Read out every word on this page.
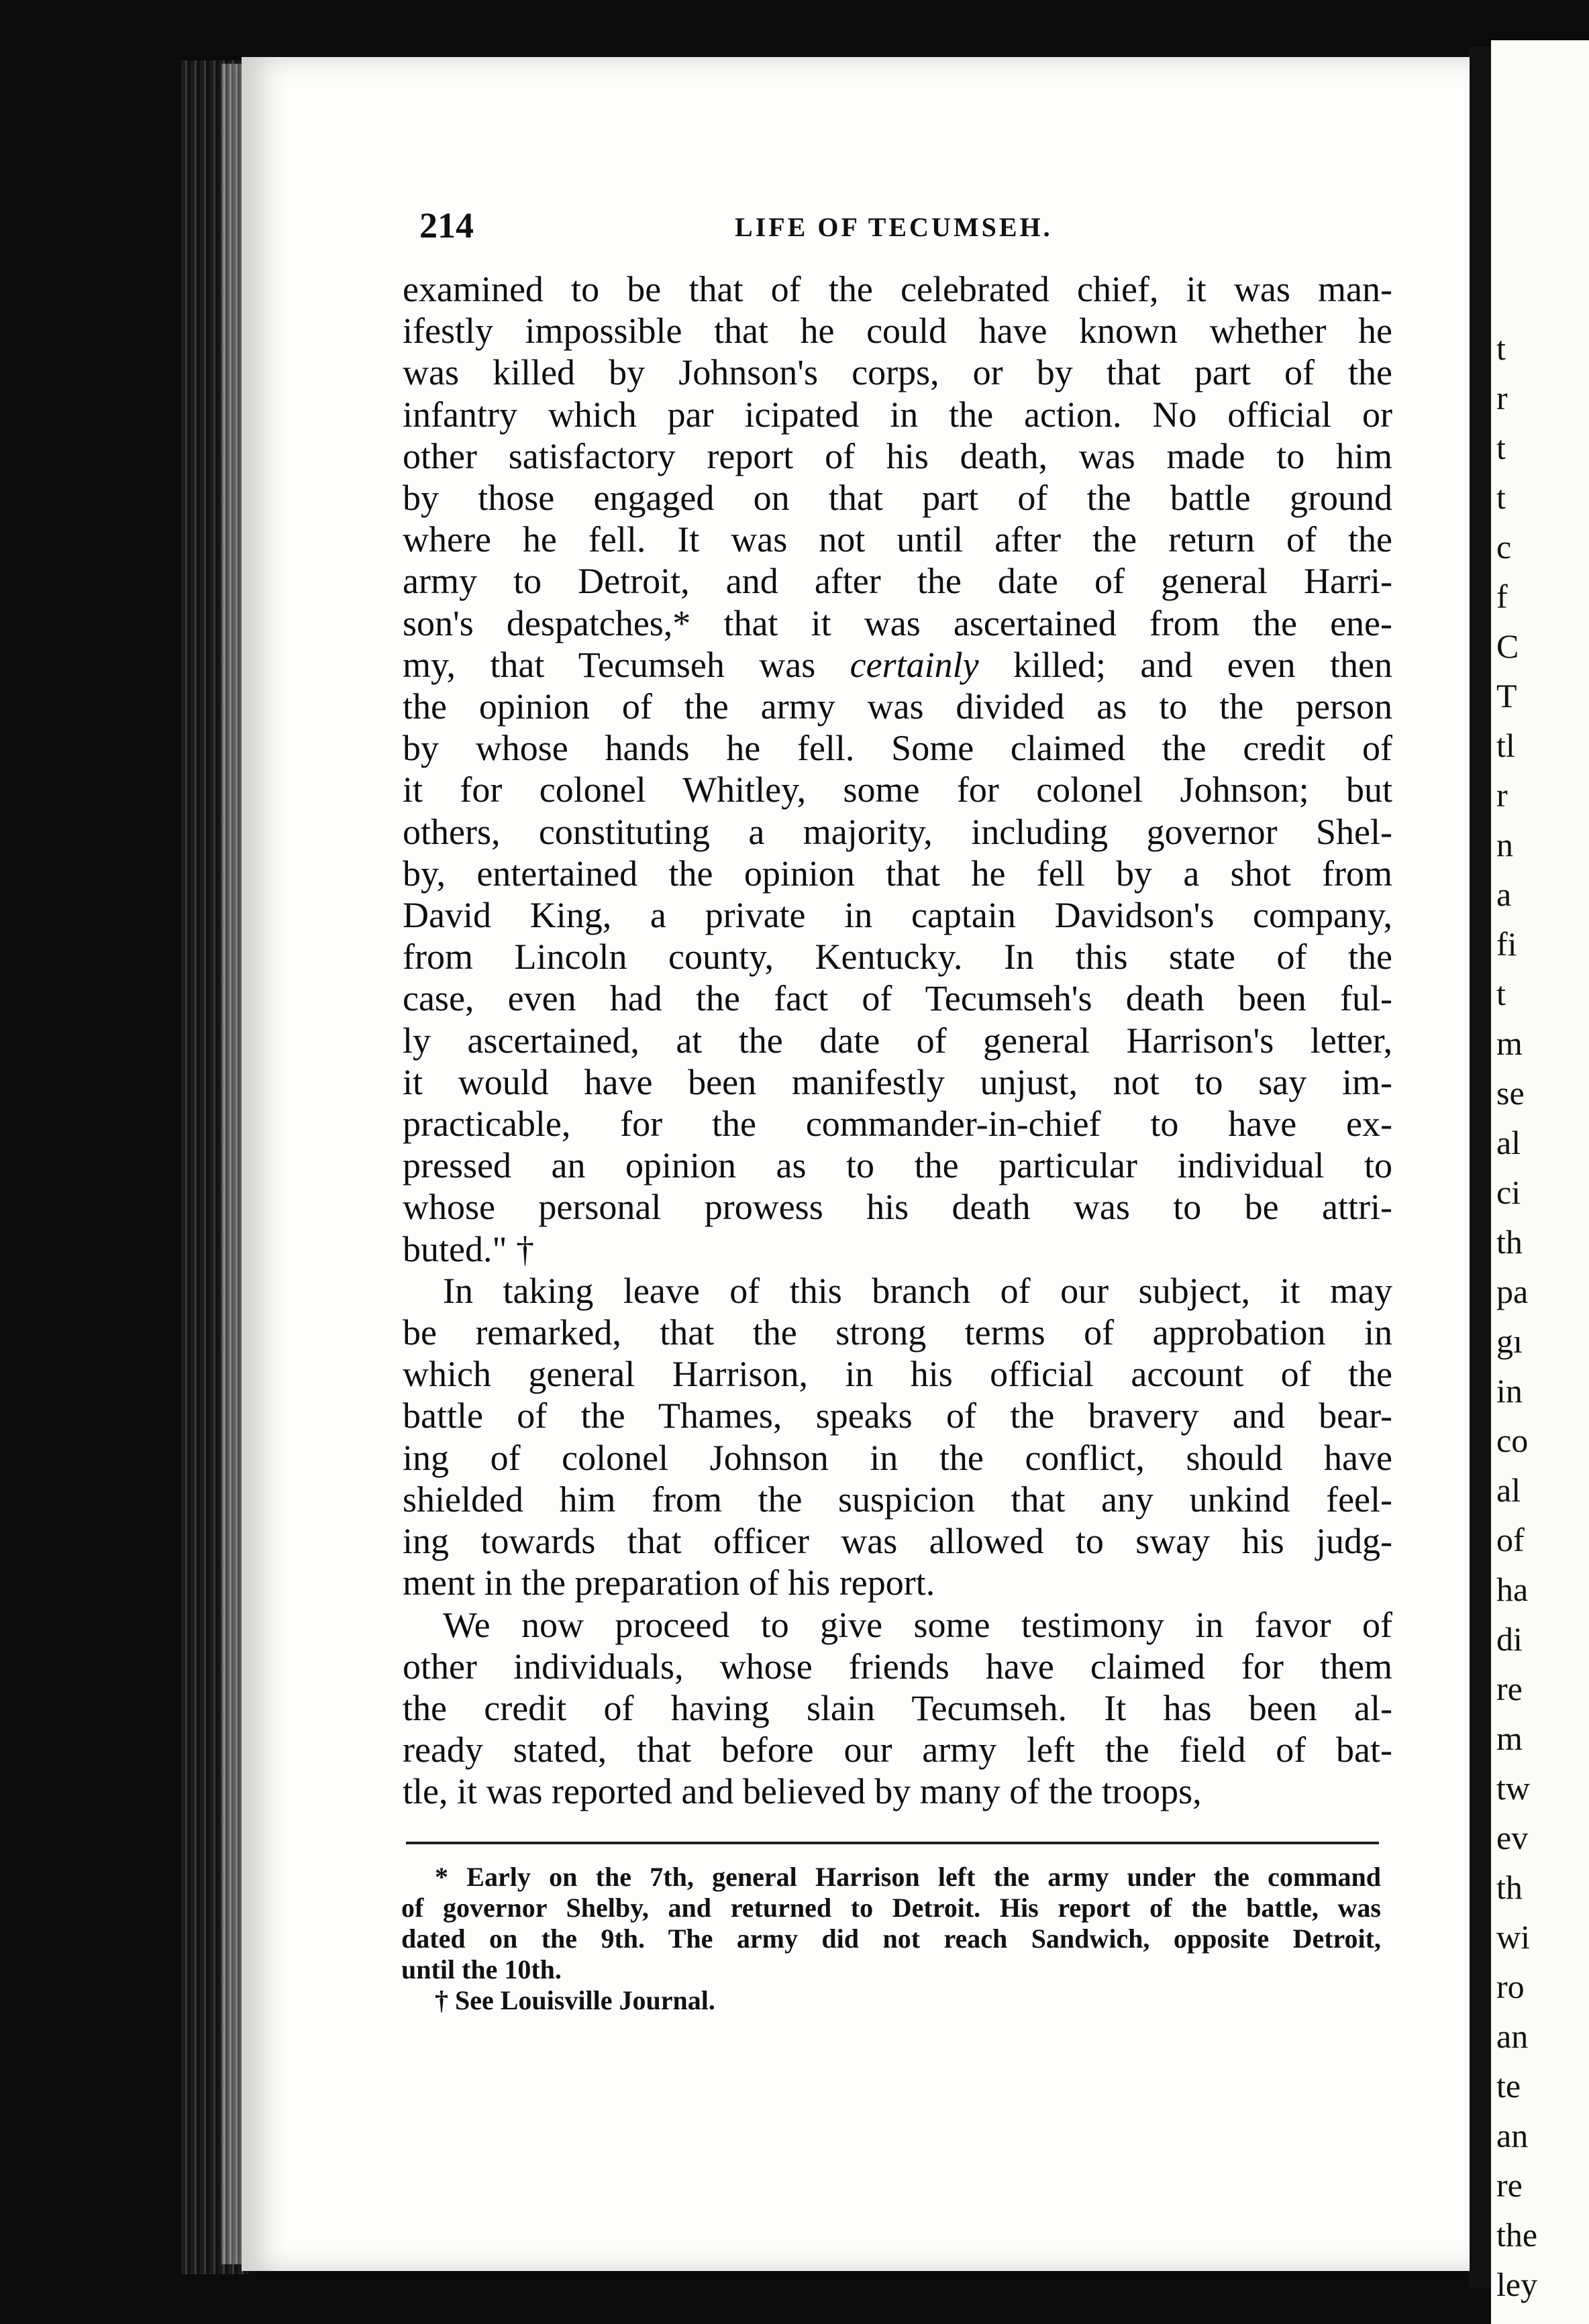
t
r
t
t
c
f
C
T
tl
r
n
a
fi
t
m
se
al
ci
th
pa
gı
in
co
al
of
ha
di
re
m
tw
ev
th
wi
ro
an
te
an
re
the
ley
214	LIFE OF TECUMSEH.
examined to be that of the celebrated chief, it was man-
ifestly impossible that he could have known whether he
was killed by Johnson's corps, or by that part of the
infantry which par icipated in the action. No official or
other satisfactory report of his death, was made to him
by those engaged on that part of the battle ground
where he fell. It was not until after the return of the
army to Detroit, and after the date of general Harri-
son's despatches,* that it was ascertained from the ene-
my, that Tecumseh was certainly killed; and even then
the opinion of the army was divided as to the person
by whose hands he fell. Some claimed the credit of
it for colonel Whitley, some for colonel Johnson; but
others, constituting a majority, including governor Shel-
by, entertained the opinion that he fell by a shot from
David King, a private in captain Davidson's company,
from Lincoln county, Kentucky. In this state of the
case, even had the fact of Tecumseh's death been ful-
ly ascertained, at the date of general Harrison's letter,
it would have been manifestly unjust, not to say im-
practicable, for the commander-in-chief to have ex-
pressed an opinion as to the particular individual to
whose personal prowess his death was to be attri-
buted." †
In taking leave of this branch of our subject, it may
be remarked, that the strong terms of approbation in
which general Harrison, in his official account of the
battle of the Thames, speaks of the bravery and bear-
ing of colonel Johnson in the conflict, should have
shielded him from the suspicion that any unkind feel-
ing towards that officer was allowed to sway his judg-
ment in the preparation of his report.
We now proceed to give some testimony in favor of
other individuals, whose friends have claimed for them
the credit of having slain Tecumseh. It has been al-
ready stated, that before our army left the field of bat-
tle, it was reported and believed by many of the troops,
* Early on the 7th, general Harrison left the army under the command
of governor Shelby, and returned to Detroit. His report of the battle, was
dated on the 9th. The army did not reach Sandwich, opposite Detroit,
until the 10th.
† See Louisville Journal.
